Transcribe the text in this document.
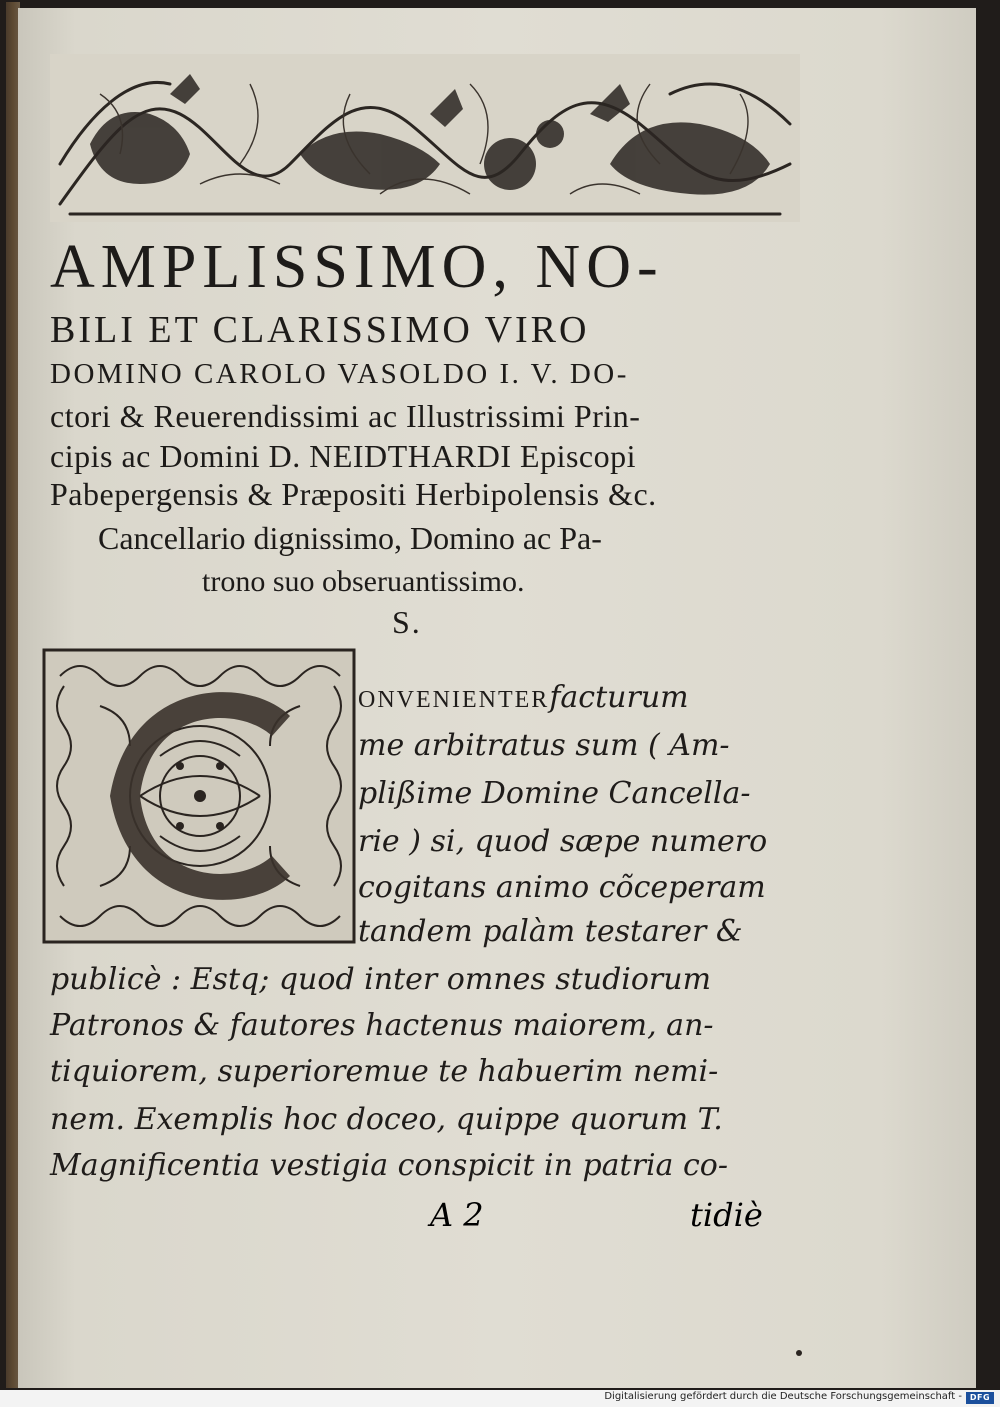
AMPLISSIMO, NO-
BILI ET CLARISSIMO VIRO
DOMINO CAROLO VASOLDO I. V. DO-
ctori & Reuerendissimi ac Illustrissimi Prin-
cipis ac Domini D. NEIDTHARDI Episcopi
Pabepergensis & Præpositi Herbipolensis &c.
Cancellario dignissimo, Domino ac Pa-
trono suo obseruantissimo.
S.
ONVENIENTERfacturum
me arbitratus sum ( Am-
plißime Domine Cancella-
rie ) si, quod sæpe numero
cogitans animo cõceperam
tandem palàm testarer &
publicè : Estq; quod inter omnes studiorum
Patronos & fautores hactenus maiorem, an-
tiquiorem, superioremue te habuerim nemi-
nem. Exemplis hoc doceo, quippe quorum T.
Magnificentia vestigia conspicit in patria co-
A 2	tidiè
Digitalisierung gefördert durch die Deutsche Forschungsgemeinschaft - DFG
